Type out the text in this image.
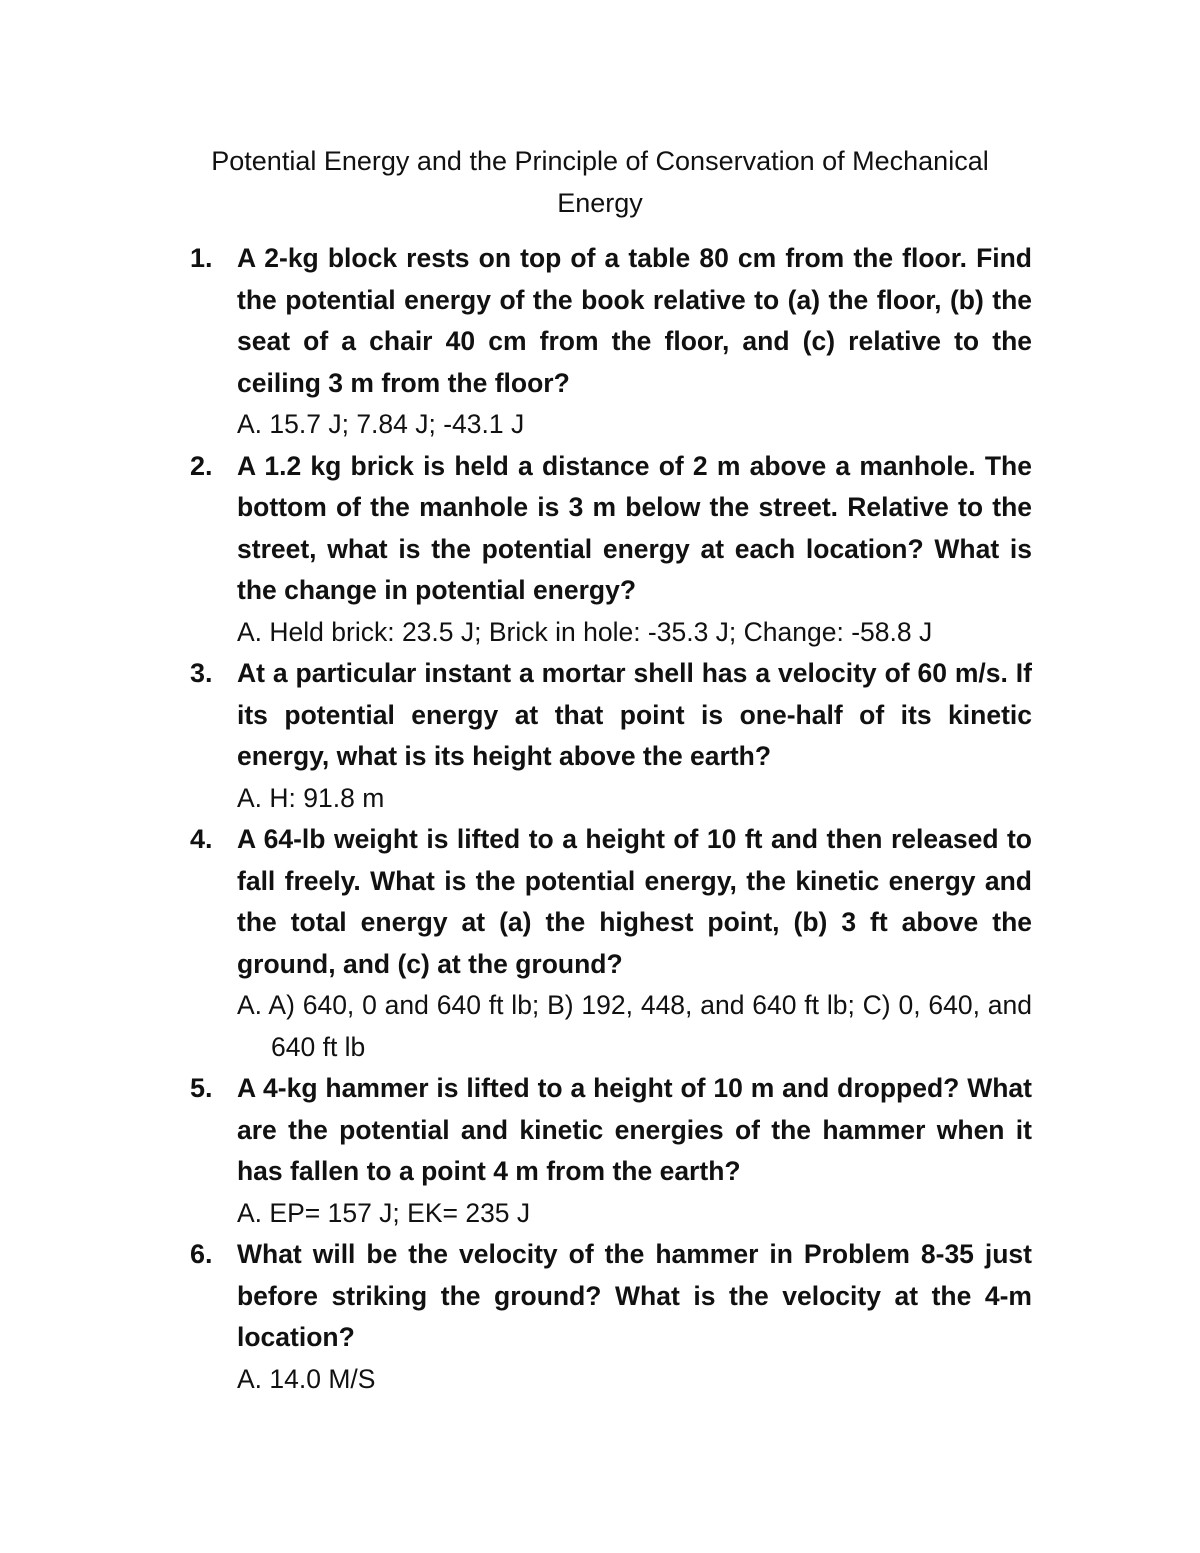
Potential Energy and the Principle of Conservation of Mechanical Energy
1. A 2-kg block rests on top of a table 80 cm from the floor. Find the potential energy of the book relative to (a) the floor, (b) the seat of a chair 40 cm from the floor, and (c) relative to the ceiling 3 m from the floor?

A. 15.7 J; 7.84 J; -43.1 J

2. A 1.2 kg brick is held a distance of 2 m above a manhole. The bottom of the manhole is 3 m below the street. Relative to the street, what is the potential energy at each location? What is the change in potential energy?

A. Held brick: 23.5 J; Brick in hole: -35.3 J; Change: -58.8 J

3. At a particular instant a mortar shell has a velocity of 60 m/s. If its potential energy at that point is one-half of its kinetic energy, what is its height above the earth?

A. H: 91.8 m

4. A 64-lb weight is lifted to a height of 10 ft and then released to fall freely. What is the potential energy, the kinetic energy and the total energy at (a) the highest point, (b) 3 ft above the ground, and (c) at the ground?

A. A) 640, 0 and 640 ft lb; B) 192, 448, and 640 ft lb; C) 0, 640, and 640 ft lb

5. A 4-kg hammer is lifted to a height of 10 m and dropped? What are the potential and kinetic energies of the hammer when it has fallen to a point 4 m from the earth?

A. EP= 157 J; EK= 235 J

6. What will be the velocity of the hammer in Problem 8-35 just before striking the ground? What is the velocity at the 4-m location?

A. 14.0 M/S
